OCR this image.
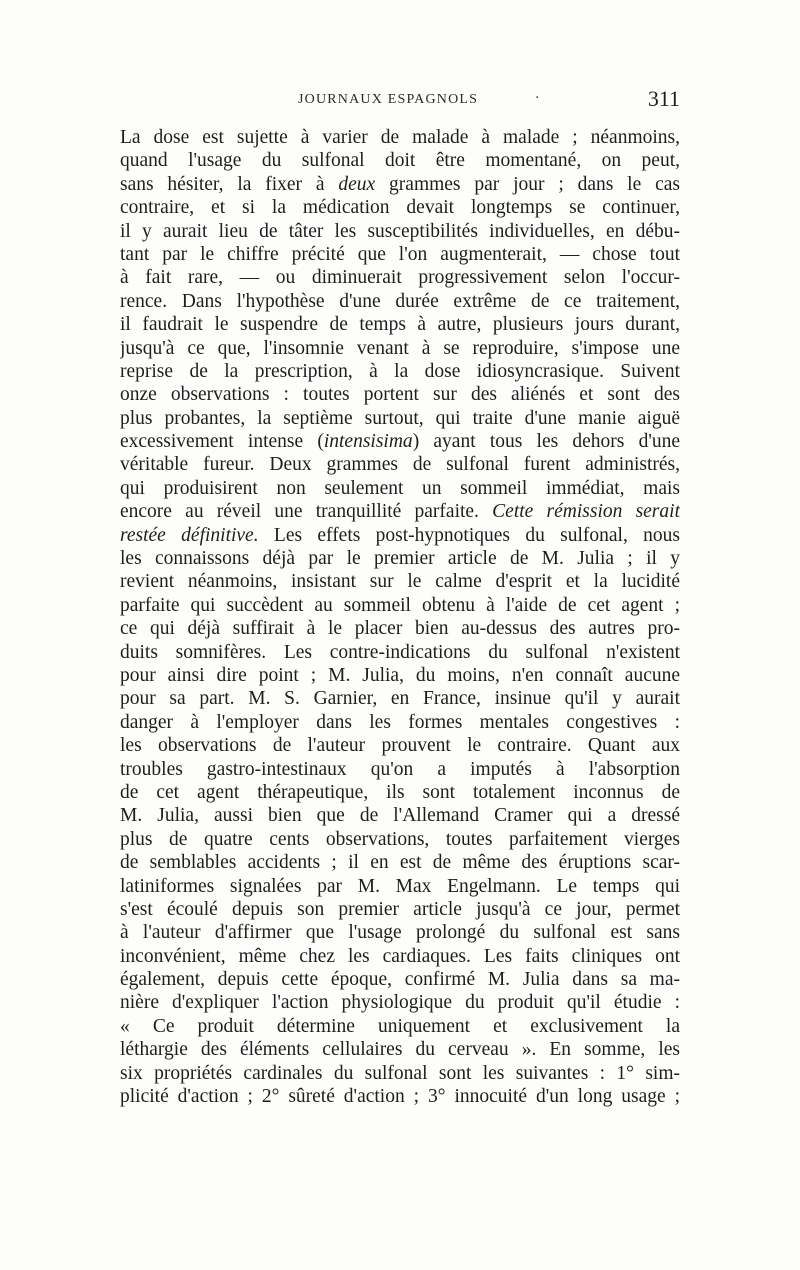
JOURNAUX ESPAGNOLS	·	311
La dose est sujette à varier de malade à malade ; néanmoins,
quand l'usage du sulfonal doit être momentané, on peut,
sans hésiter, la fixer à deux grammes par jour ; dans le cas
contraire, et si la médication devait longtemps se continuer,
il y aurait lieu de tâter les susceptibilités individuelles, en débu-
tant par le chiffre précité que l'on augmenterait, — chose tout
à fait rare, — ou diminuerait progressivement selon l'occur-
rence. Dans l'hypothèse d'une durée extrême de ce traitement,
il faudrait le suspendre de temps à autre, plusieurs jours durant,
jusqu'à ce que, l'insomnie venant à se reproduire, s'impose une
reprise de la prescription, à la dose idiosyncrasique. Suivent
onze observations : toutes portent sur des aliénés et sont des
plus probantes, la septième surtout, qui traite d'une manie aiguë
excessivement intense (intensisima) ayant tous les dehors d'une
véritable fureur. Deux grammes de sulfonal furent administrés,
qui produisirent non seulement un sommeil immédiat, mais
encore au réveil une tranquillité parfaite. Cette rémission serait
restée définitive. Les effets post-hypnotiques du sulfonal, nous
les connaissons déjà par le premier article de M. Julia ; il y
revient néanmoins, insistant sur le calme d'esprit et la lucidité
parfaite qui succèdent au sommeil obtenu à l'aide de cet agent ;
ce qui déjà suffirait à le placer bien au-dessus des autres pro-
duits somnifères. Les contre-indications du sulfonal n'existent
pour ainsi dire point ; M. Julia, du moins, n'en connaît aucune
pour sa part. M. S. Garnier, en France, insinue qu'il y aurait
danger à l'employer dans les formes mentales congestives :
les observations de l'auteur prouvent le contraire. Quant aux
troubles gastro-intestinaux qu'on a imputés à l'absorption
de cet agent thérapeutique, ils sont totalement inconnus de
M. Julia, aussi bien que de l'Allemand Cramer qui a dressé
plus de quatre cents observations, toutes parfaitement vierges
de semblables accidents ; il en est de même des éruptions scar-
latiniformes signalées par M. Max Engelmann. Le temps qui
s'est écoulé depuis son premier article jusqu'à ce jour, permet
à l'auteur d'affirmer que l'usage prolongé du sulfonal est sans
inconvénient, même chez les cardiaques. Les faits cliniques ont
également, depuis cette époque, confirmé M. Julia dans sa ma-
nière d'expliquer l'action physiologique du produit qu'il étudie :
« Ce produit détermine uniquement et exclusivement la
léthargie des éléments cellulaires du cerveau ». En somme, les
six propriétés cardinales du sulfonal sont les suivantes : 1° sim-
plicité d'action ; 2° sûreté d'action ; 3° innocuité d'un long usage ;
